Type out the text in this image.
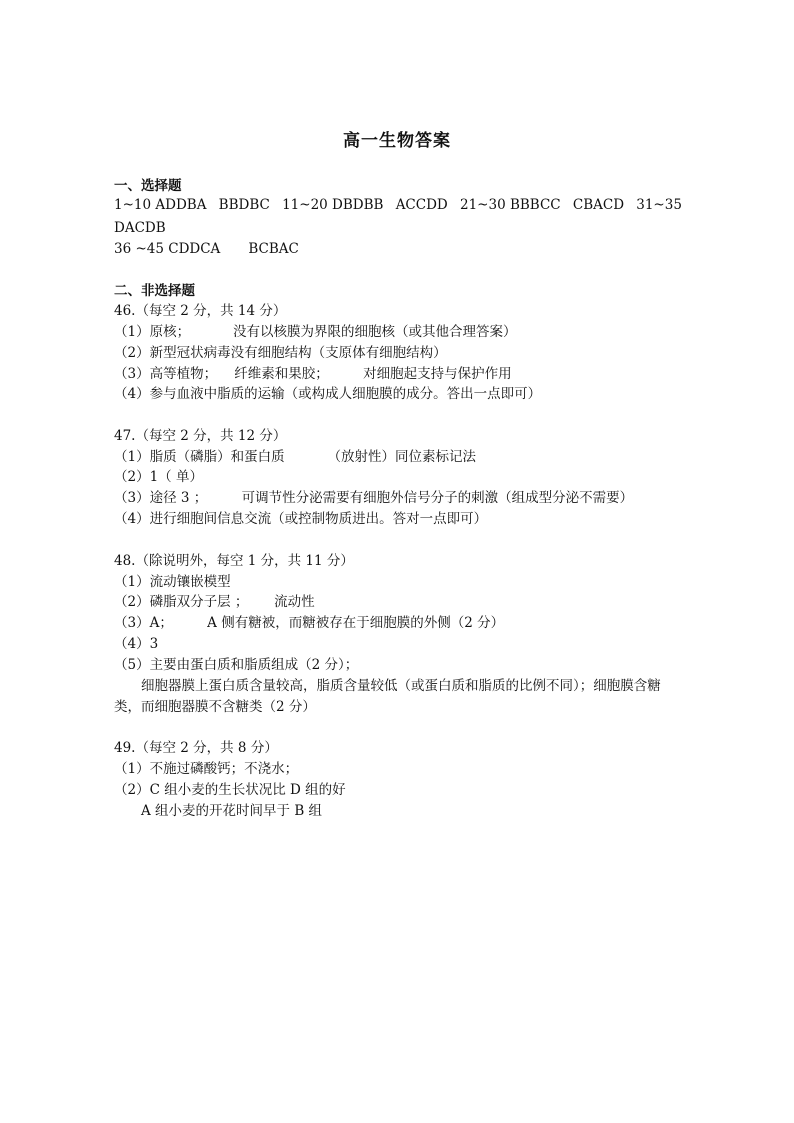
高一生物答案
一、选择题
1~10 ADDBA BBDBC 11~20 DBDBB ACCDD 21~30 BBBCC CBACD 31~35
DACDB
36 ~45 CDDCA BCBAC
二、非选择题
46.（每空 2 分，共 14 分）
（1）原核；          没有以核膜为界限的细胞核（或其他合理答案）
（2）新型冠状病毒没有细胞结构（支原体有细胞结构）
（3）高等植物；    纤维素和果胶；        对细胞起支持与保护作用
（4）参与血液中脂质的运输（或构成人细胞膜的成分。答出一点即可）
47.（每空 2 分，共 12 分）
（1）脂质（磷脂）和蛋白质          （放射性）同位素标记法
（2）1（ 单）
（3）途径 3 ；        可调节性分泌需要有细胞外信号分子的刺激（组成型分泌不需要）
（4）进行细胞间信息交流（或控制物质进出。答对一点即可）
48.（除说明外，每空 1 分，共 11 分）
（1）流动镶嵌模型
（2）磷脂双分子层 ；      流动性
（3）A；        A 侧有糖被，而糖被存在于细胞膜的外侧（2 分）
（4）3
（5）主要由蛋白质和脂质组成（2 分）；
细胞器膜上蛋白质含量较高，脂质含量较低（或蛋白质和脂质的比例不同）；细胞膜含糖
类，而细胞器膜不含糖类（2 分）
49.（每空 2 分，共 8 分）
（1）不施过磷酸钙；不浇水；
（2）C 组小麦的生长状况比 D 组的好
A 组小麦的开花时间早于 B 组
